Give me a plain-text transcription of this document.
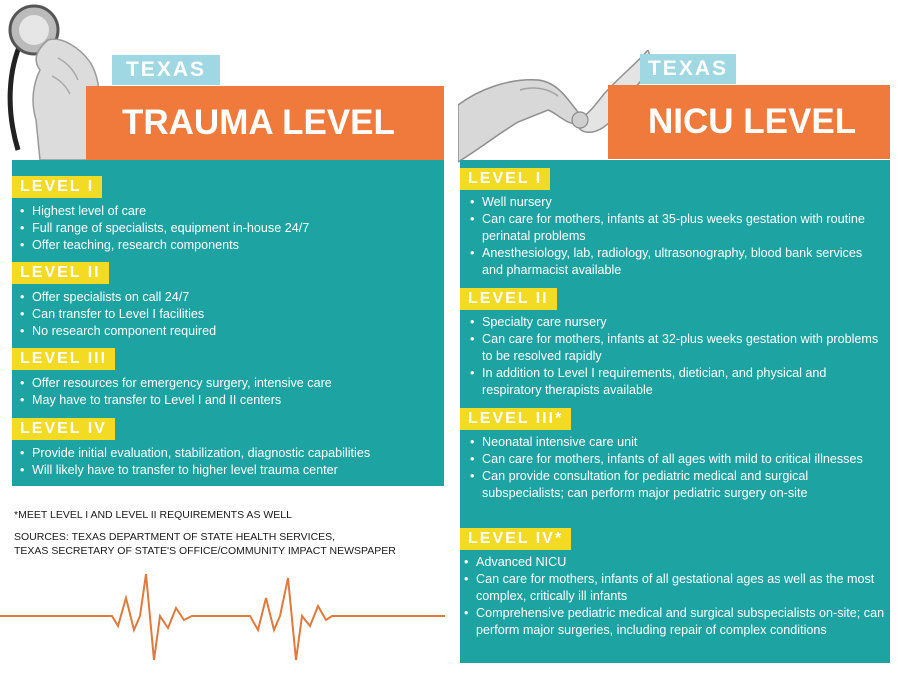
TEXAS
TRAUMA LEVEL
LEVEL I
• Highest level of care
• Full range of specialists, equipment in-house 24/7
• Offer teaching, research components
LEVEL II
• Offer specialists on call 24/7
• Can transfer to Level I facilities
• No research component required
LEVEL III
• Offer resources for emergency surgery, intensive care
• May have to transfer to Level I and II centers
LEVEL IV
• Provide initial evaluation, stabilization, diagnostic capabilities
• Will likely have to transfer to higher level trauma center
*MEET LEVEL I AND LEVEL II REQUIREMENTS AS WELL
SOURCES: TEXAS DEPARTMENT OF STATE HEALTH SERVICES,
TEXAS SECRETARY OF STATE'S OFFICE/COMMUNITY IMPACT NEWSPAPER
TEXAS
NICU LEVEL
LEVEL I
• Well nursery
• Can care for mothers, infants at 35-plus weeks gestation with routine perinatal problems
• Anesthesiology, lab, radiology, ultrasonography, blood bank services and pharmacist available
LEVEL II
• Specialty care nursery
• Can care for mothers, infants at 32-plus weeks gestation with problems to be resolved rapidly
• In addition to Level I requirements, dietician, and physical and respiratory therapists available
LEVEL III*
• Neonatal intensive care unit
• Can care for mothers, infants of all ages with mild to critical illnesses
• Can provide consultation for pediatric medical and surgical subspecialists; can perform major pediatric surgery on-site
LEVEL IV*
• Advanced NICU
• Can care for mothers, infants of all gestational ages as well as the most complex, critically ill infants
• Comprehensive pediatric medical and surgical subspecialists on-site; can perform major surgeries, including repair of complex conditions
